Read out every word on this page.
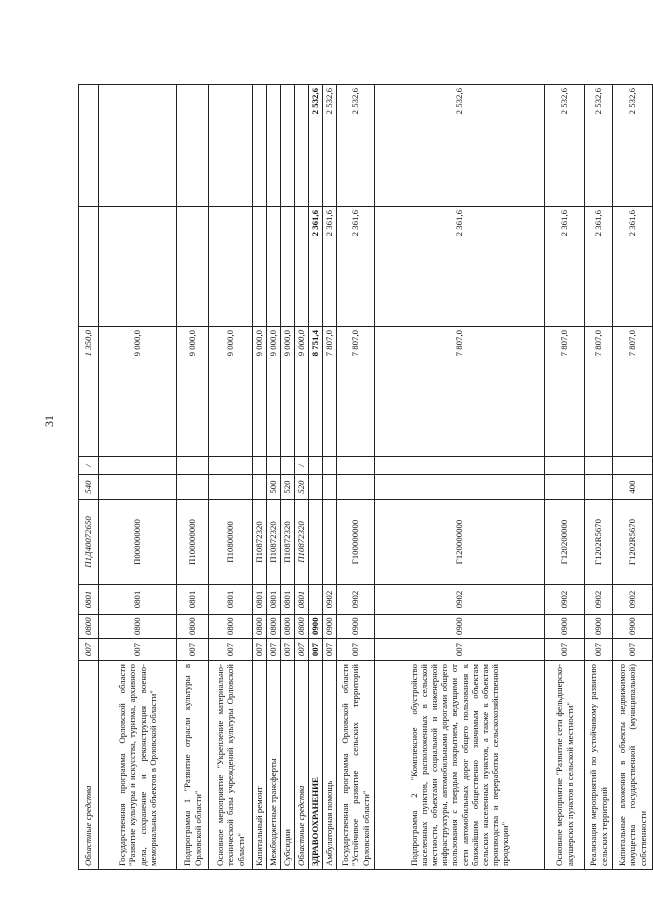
31
Областные средства	007	0800	0801	П1Д40072650	540	/	1 350,0		
Государственная программа Орловской области "Развитие культуры и искусства, туризма, архивного дела, сохранение и реконструкция военно-мемориальных объектов в Орловской области"	007	0800	0801	П000000000			9 000,0		
Подпрограмма 1 "Развитие отрасли культуры в Орловской области"	007	0800	0801	П100000000			9 000,0		
Основное мероприятие "Укрепление материально-технической базы учреждений культуры Орловской области"	007	0800	0801	П10800000			9 000,0		
Капитальный ремонт	007	0800	0801	П10872320			9 000,0		
Межбюджетные трансферты	007	0800	0801	П10872320	500		9 000,0		
Субсидии	007	0800	0801	П10872320	520		9 000,0		
Областные средства	007	0800	0801	П10872320	520	/	9 000,0		
ЗДРАВООХРАНЕНИЕ	007	0900					8 751,4	2 361,6	2 532,6
Амбулаторная помощь	007	0900	0902				7 807,0	2 361,6	2 532,6
Государственная программа Орловской области "Устойчивое развитие сельских территорий Орловской области"	007	0900	0902	Г100000000			7 807,0	2 361,6	2 532,6
Подпрограмма 2 "Комплексное обустройство населенных пунктов, расположенных в сельской местности, объектами социальной и инженерной инфраструктуры, автомобильными дорогами общего пользования с твердым покрытием, ведущими от сети автомобильных дорог общего пользования к ближайшим общественно значимым объектам сельских населенных пунктов, а также к объектам производства и переработки сельскохозяйственной продукции"	007	0900	0902	Г120000000			7 807,0	2 361,6	2 532,6
Основное мероприятие "Развитие сети фельдшерско-акушерских пунктов в сельской местности"	007	0900	0902	Г120200000			7 807,0	2 361,6	2 532,6
Реализация мероприятий по устойчивому развитию сельских территорий	007	0900	0902	Г1202R5670			7 807,0	2 361,6	2 532,6
Капитальные вложения в объекты недвижимого имущества государственной (муниципальной) собственности	007	0900	0902	Г1202R5670	400		7 807,0	2 361,6	2 532,6
